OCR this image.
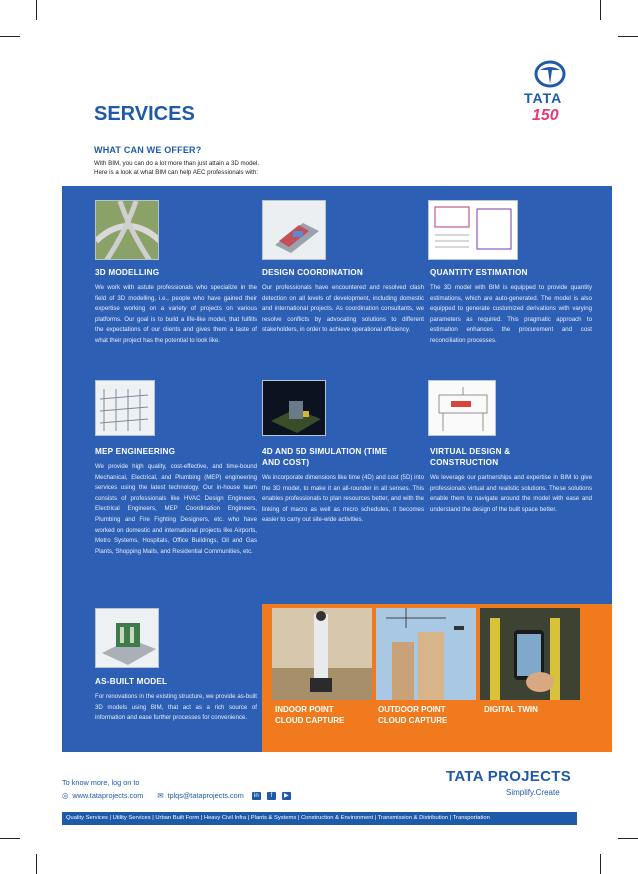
SERVICES
WHAT CAN WE OFFER?
With BIM, you can do a lot more than just attain a 3D model.
Here is a look at what BIM can help AEC professionals with:
TATA
150
3D MODELLING

We work with astute professionals who specialize in the field of 3D modelling, i.e., people who have gained their expertise working on a variety of projects on various platforms. Our goal is to build a life-like model, that fulfills the expectations of our clients and gives them a taste of what their project has the potential to look like.

DESIGN COORDINATION

Our professionals have encountered and resolved clash detection on all levels of development, including domestic and international projects. As coordination consultants, we resolve conflicts by advocating solutions to different stakeholders, in order to achieve operational efficiency.

QUANTITY ESTIMATION

The 3D model with BIM is equipped to provide quantity estimations, which are auto-generated. The model is also equipped to generate customized derivations with varying parameters as required. This pragmatic approach to estimation enhances the procurement and cost reconciliation processes.

MEP ENGINEERING

We provide high quality, cost-effective, and time-bound Mechanical, Electrical, and Plumbing (MEP) engineering services using the latest technology. Our in-house team consists of professionals like HVAC Design Engineers, Electrical Engineers, MEP Coordination Engineers, Plumbing and Fire Fighting Designers, etc. who have worked on domestic and international projects like Airports, Metro Systems, Hospitals, Office Buildings, Oil and Gas Plants, Shopping Malls, and Residential Communities, etc.

4D AND 5D SIMULATION (TIME AND COST)

We incorporate dimensions like time (4D) and cost (5D) into the 3D model, to make it an all-rounder in all senses. This enables professionals to plan resources better, and with the linking of macro as well as micro schedules, it becomes easier to carry out site-wide activities.

VIRTUAL DESIGN & CONSTRUCTION

We leverage our partnerships and expertise in BIM to give professionals virtual and realistic solutions. These solutions enable them to navigate around the model with ease and understand the design of the built space better.

AS-BUILT MODEL

For renovations in the existing structure, we provide as-built 3D models using BIM, that act as a rich source of information and ease further processes for convenience.

INDOOR POINT CLOUD CAPTURE
OUTDOOR POINT CLOUD CAPTURE
DIGITAL TWIN
To know more, log on to
◎ www.tataprojects.com ✉ tplqs@tataprojects.com in f ▶
TATA PROJECTS
Simplify.Create
Quality Services | Utility Services | Urban Built Form | Heavy Civil Infra | Plants & Systems | Construction & Environment | Transmission & Distribution | Transportation
